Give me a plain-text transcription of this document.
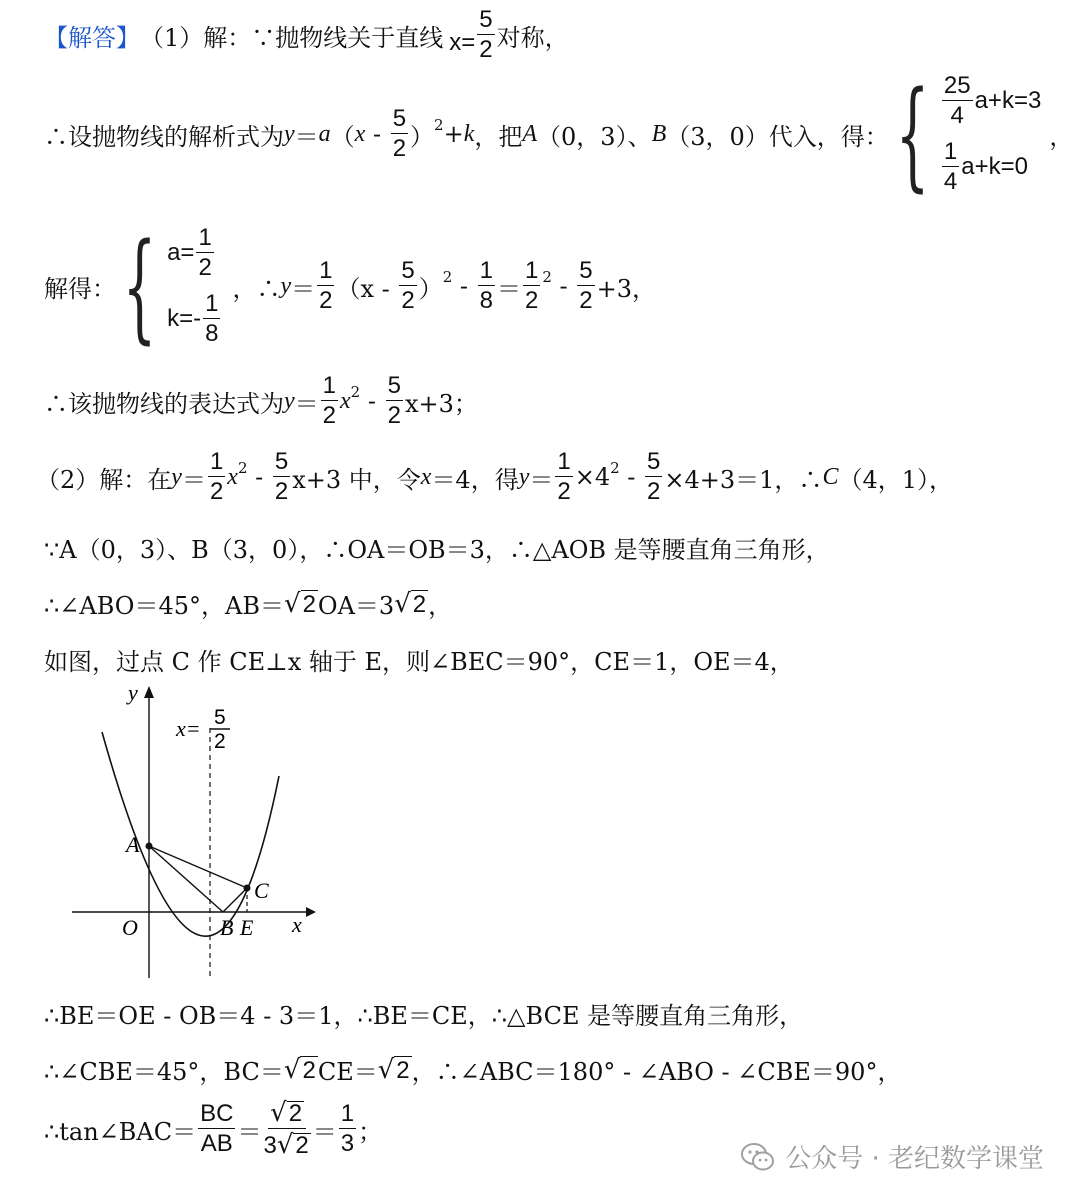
【解答】 （1）解：∵抛物线关于直线 $x= \frac{5}{2}$ 对称，
∴设抛物线的解析式为 y ＝ a （ x - $\frac{5}{2}$ ） 2 + k ，把 A （0，3）、 B （3，0）代入，得： { $\frac{25}{4} a+k=3$
$\frac{1}{4} a+k=0$
，
解得： { $a= \frac{1}{2}$
$k=- \frac{1}{8}$
，∴ $y = \frac{1}{2} (x - \frac{5}{2}$ ） $2 - \frac{1}{8} = \frac{1}{2} 2 - \frac{5}{2} +3$，
∴该抛物线的表达式为 $y = \frac{1}{2}$ x $2 - \frac{5}{2} x+3$；
（2）解：在 $y = \frac{1}{2}$ x $2 - \frac{5}{2} x+3$ 中，令 x ＝4，得 $y = \frac{1}{2} \times 4$ $2 - \frac{5}{2} \times 4+3=1$，∴ C （4，1），
∵A（0，3）、B（3，0），∴OA＝OB＝3，∴△AOB 是等腰直角三角形，
∴∠ABO＝45°，AB＝ √ 2 OA＝3 √ 2 ，
如图，过点 C 作 CE⊥x 轴于 E，则∠BEC＝90°，CE＝1，OE＝4，
y
x
O
A
B E
C
x= 5
2
∴BE＝OE - OB＝4 - 3＝1，∴BE＝CE，∴△BCE 是等腰直角三角形，
∴∠CBE＝45°，BC＝ √ 2 CE＝ √ 2 ，∴∠ABC＝180° - ∠ABO - ∠CBE＝90°，
∴tan∠BAC＝ $\frac{BC}{AB} = \frac{√ 2}{3 √ 2} = \frac{1}{3}$ ；
公众号 · 老纪数学课堂
